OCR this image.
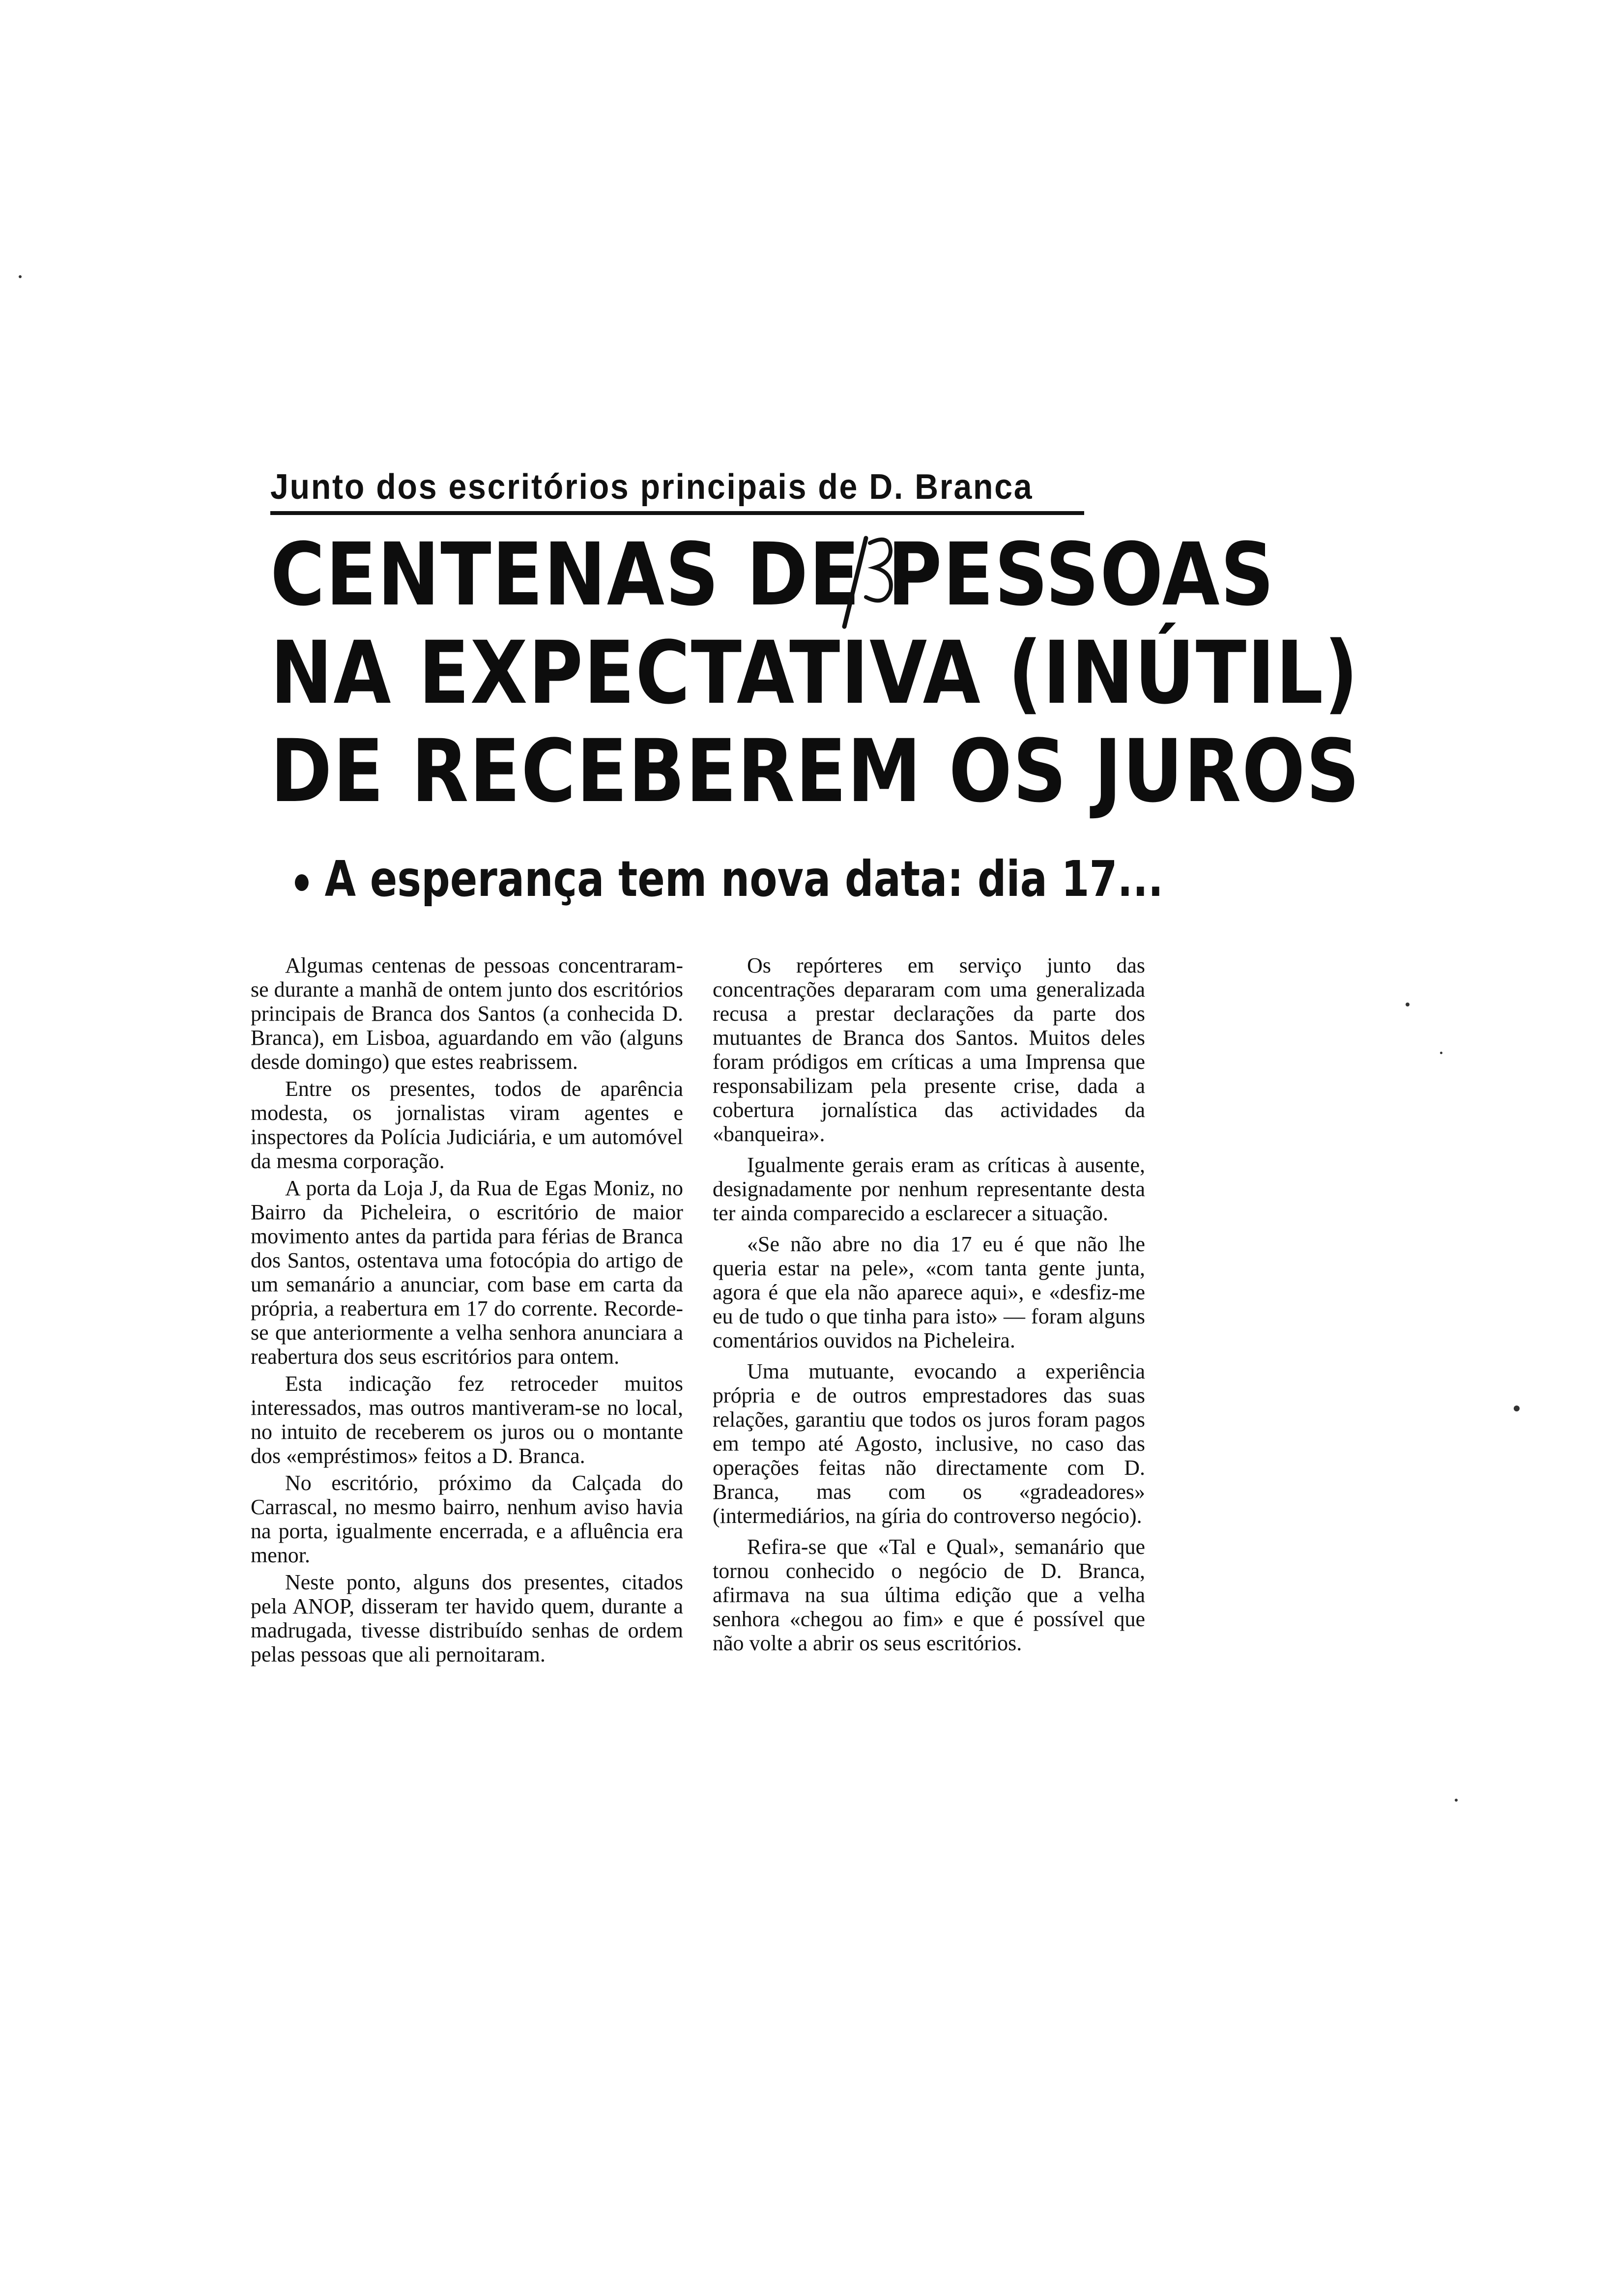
Junto dos escritórios principais de D. Branca
CENTENAS DE PESSOAS
NA EXPECTATIVA (INÚTIL)
DE RECEBEREM OS JUROS
A esperança tem nova data: dia 17...

Algumas centenas de pessoas concentraram-se durante a manhã de ontem junto dos escritórios principais de Branca dos Santos (a conhecida D. Branca), em Lisboa, aguardando em vão (alguns desde domingo) que estes reabrissem.

Entre os presentes, todos de aparência modesta, os jornalistas viram agentes e inspectores da Polícia Judiciária, e um automóvel da mesma corporação.

A porta da Loja J, da Rua de Egas Moniz, no Bairro da Picheleira, o escritório de maior movimento antes da partida para férias de Branca dos Santos, ostentava uma fotocópia do artigo de um semanário a anunciar, com base em carta da própria, a reabertura em 17 do corrente. Recorde-se que anteriormente a velha senhora anunciara a reabertura dos seus escritórios para ontem.

Esta indicação fez retroceder muitos interessados, mas outros mantiveram-se no local, no intuito de receberem os juros ou o montante dos «empréstimos» feitos a D. Branca.

No escritório, próximo da Calçada do Carrascal, no mesmo bairro, nenhum aviso havia na porta, igualmente encerrada, e a afluência era menor.

Neste ponto, alguns dos presentes, citados pela ANOP, disseram ter havido quem, durante a madrugada, tivesse distribuído senhas de ordem pelas pessoas que ali pernoitaram.

Os repórteres em serviço junto das concentrações depararam com uma generalizada recusa a prestar declarações da parte dos mutuantes de Branca dos Santos. Muitos deles foram pródigos em críticas a uma Imprensa que responsabilizam pela presente crise, dada a cobertura jornalística das actividades da «banqueira».

Igualmente gerais eram as críticas à ausente, designadamente por nenhum representante desta ter ainda comparecido a esclarecer a situação.

«Se não abre no dia 17 eu é que não lhe queria estar na pele», «com tanta gente junta, agora é que ela não aparece aqui», e «desfiz-me eu de tudo o que tinha para isto» — foram alguns comentários ouvidos na Picheleira.

Uma mutuante, evocando a experiência própria e de outros emprestadores das suas relações, garantiu que todos os juros foram pagos em tempo até Agosto, inclusive, no caso das operações feitas não directamente com D. Branca, mas com os «gradeadores» (intermediários, na gíria do controverso negócio).

Refira-se que «Tal e Qual», semanário que tornou conhecido o negócio de D. Branca, afirmava na sua última edição que a velha senhora «chegou ao fim» e que é possível que não volte a abrir os seus escritórios.
